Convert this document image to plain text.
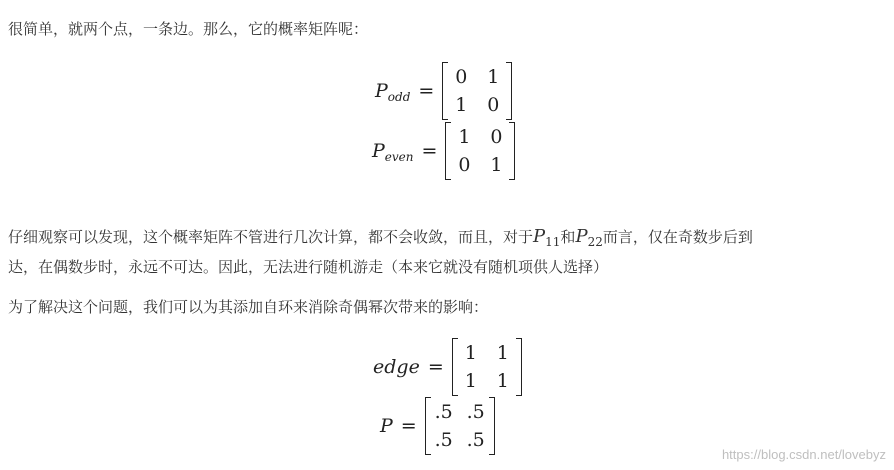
很简单，就两个点，一条边。那么，它的概率矩阵呢：
$P_{odd}$ =
0 1
1 0
$P_{even}$ =
1 0
0 1
仔细观察可以发现，这个概率矩阵不管进行几次计算，都不会收敛，而且，对于$P_{11}$和$P_{22}$而言，仅在奇数步后到
达，在偶数步时，永远不可达。因此，无法进行随机游走（本来它就没有随机项供人选择）
为了解决这个问题，我们可以为其添加自环来消除奇偶幂次带来的影响：
edge =
1 1
1 1
P =
.5 .5
.5 .5
https://blog.csdn.net/lovebyz
